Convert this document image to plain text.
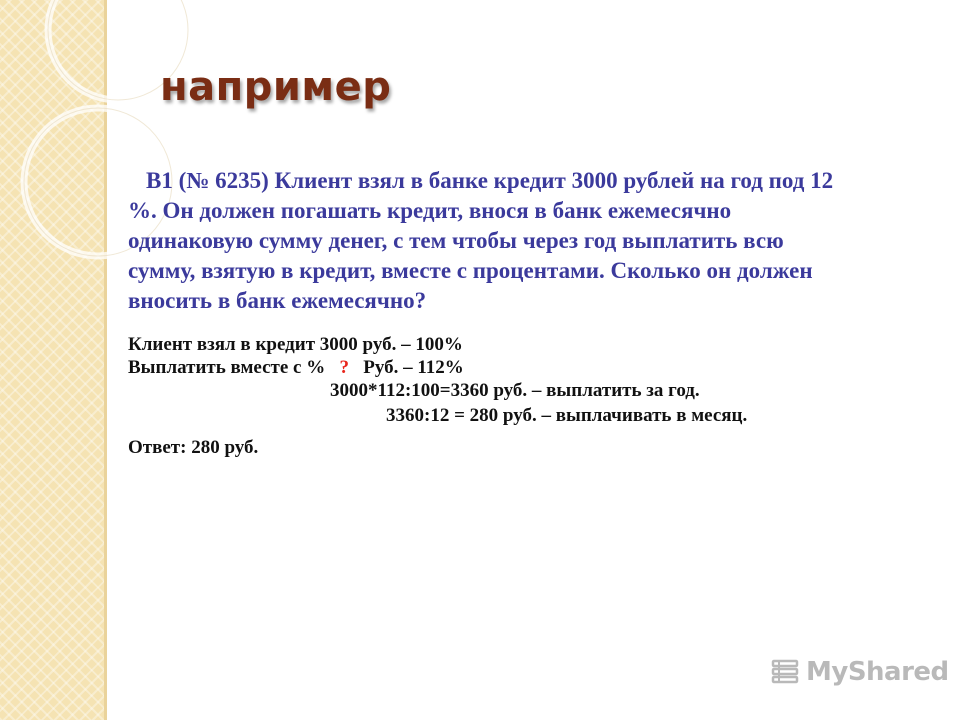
например

В1 (№ 6235) Клиент взял в банке кредит 3000 рублей на год под 12 %. Он должен погашать кредит, внося в банк ежемесячно одинаковую сумму денег, с тем чтобы через год выплатить всю сумму, взятую в кредит, вместе с процентами. Сколько он должен вносить в банк ежемесячно?

Клиент взял в кредит 3000 руб. – 100%
Выплатить вместе с %   ?   Руб. – 112%
3000*112:100=3360 руб. – выплатить за год.
3360:12 = 280 руб. – выплачивать в месяц.
Ответ: 280 руб.
MyShared
